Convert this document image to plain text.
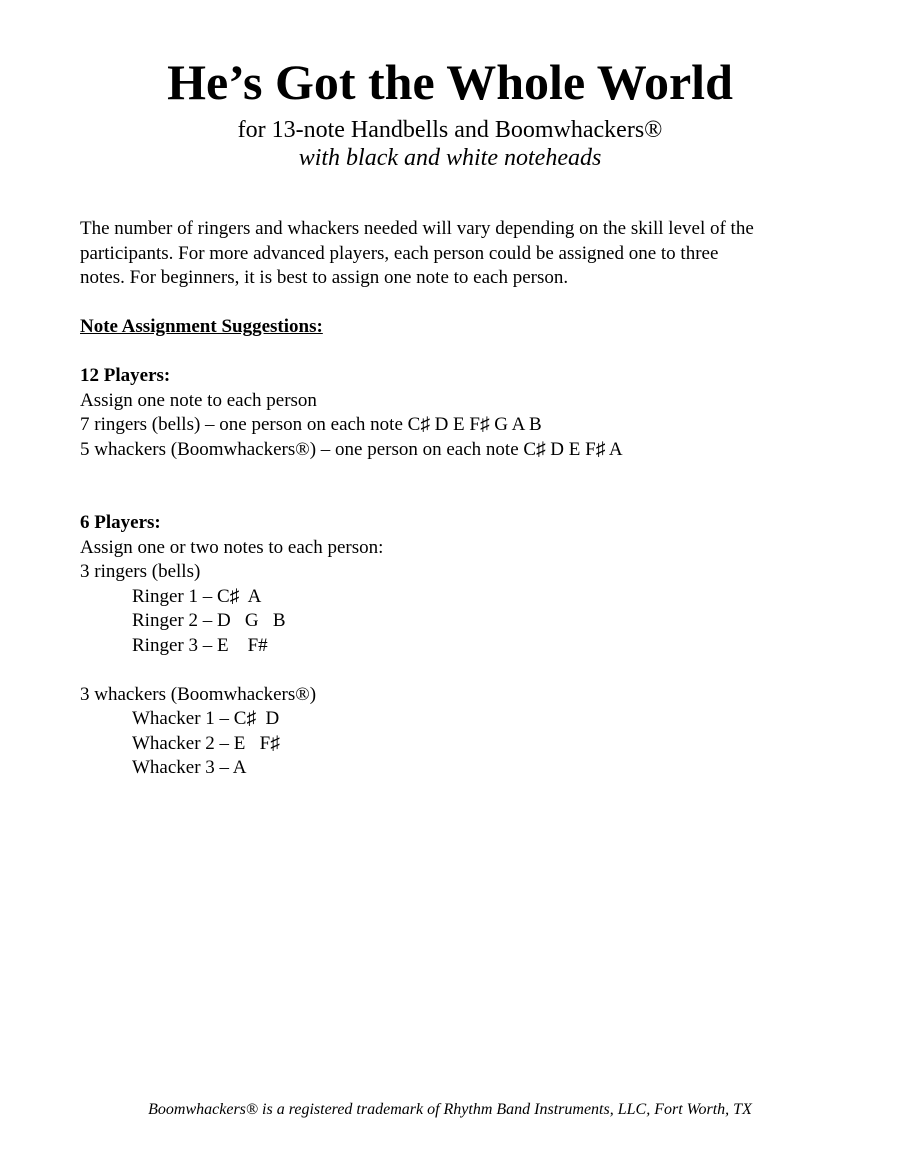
He’s Got the Whole World
for 13-note Handbells and Boomwhackers®
with black and white noteheads
The number of ringers and whackers needed will vary depending on the skill level of the
participants. For more advanced players, each person could be assigned one to three
notes. For beginners, it is best to assign one note to each person.
Note Assignment Suggestions:
12 Players:
Assign one note to each person
7 ringers (bells) – one person on each note C♯ D E F♯ G A B
5 whackers (Boomwhackers®) – one person on each note C♯ D E F♯ A
6 Players:
Assign one or two notes to each person:
3 ringers (bells)
Ringer 1 – C♯  A
Ringer 2 – D   G   B
Ringer 3 – E    F#
3 whackers (Boomwhackers®)
Whacker 1 – C♯  D
Whacker 2 – E   F♯
Whacker 3 – A
Boomwhackers® is a registered trademark of Rhythm Band Instruments, LLC, Fort Worth, TX
